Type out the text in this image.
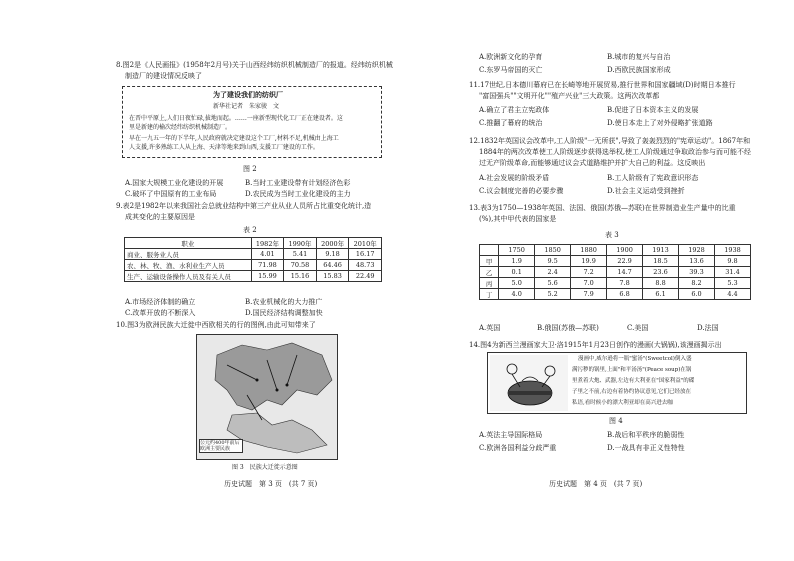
8.图2是《人民画报》(1958年2月号)关于山西经纬纺织机械制造厂的报道。经纬纺织机械
制造厂的建设情况反映了
为了建设我们的纺织厂
新华社记者　朱家骏　文
在晋中平原上,人们日夜忙碌,拔地而起。……一座新型现代化工厂正在建设者。这
里是新建的榆次经纬纺织机械制造厂。
早在一九五一年的下半年,人民政府就决定建设这个工厂,材料不足,机械由上海工
人支援,许多熟练工人从上海、天津等地来到山西,支援工厂建设的工作。
图 2
A.国家大规模工业化建设的开展	B.当时工业建设带有计划经济色彩
C.破坏了中国原有的工业布局	D.农民成为当时工业化建设的主力
9.表2是1982年以来我国社会总就业结构中第三产业从业人员所占比重变化统计,造
成其变化的主要原因是
表 2
职业	1982年	1990年	2000年	2010年
商业、服务业人员	4.01	5.41	9.18	16.17
农、林、牧、渔、水利业生产人员	71.98	70.58	64.46	48.73
生产、运输设备操作人员及有关人员	15.99	15.16	15.83	22.49
A.市场经济体制的确立	B.农业机械化的大力推广
C.改革开放的不断深入	D.国民经济结构调整加快
10.图3为欧洲民族大迁徙中西欧相关的行的图例,由此可知带来了
公元约400年前后 欧洲主要民族
图 3　民族大迁徙示意图
历史试题　第 3 页　(共 7 页)
A.欧洲新文化的孕育	B.城市的复兴与自治
C.东罗马帝国的灭亡	D.西欧民族国家形成
11.17世纪,日本德川幕府已在长崎等地开展贸易,推行世界和国家疆域(D)时期日本推行
"富国强兵""文明开化""殖产兴业"三大政策。这两次改革都
A.确立了君主立宪政体	B.促进了日本资本主义的发展
C.推翻了幕府的统治	D.使日本走上了对外侵略扩张道路
12.1832年英国议会改革中,工人阶级"一无所获",导致了轰轰烈烈的"宪章运动"。1867年和
1884年的两次改革使工人阶级逐步获得选举权,使工人阶级通过争取政治参与而可能不经
过无产阶级革命,而能够通过议会式道路维护并扩大自己的利益。这反映出
A.社会发展的阶级矛盾	B.工人阶级有了宪政意识形态
C.议会制度完善的必要步骤	D.社会主义运动受到挫折
13.表3为1750—1938年英国、法国、俄国(苏俄—苏联)在世界制造业生产量中的比重
(%),其中甲代表的国家是
表 3
	1750	1850	1880	1900	1913	1928	1938
甲	1.9	9.5	19.9	22.9	18.5	13.6	9.8
乙	0.1	2.4	7.2	14.7	23.6	39.3	31.4
丙	5.0	5.6	7.0	7.8	8.8	8.2	5.3
丁	4.0	5.2	7.9	6.8	6.1	6.0	4.4
A.英国	B.俄国(苏俄—苏联)	C.美国	D.法国
14.图4为新西兰漫画家大卫·洛1915年1月23日创作的漫画(大锅锅),该漫画揭示出
漫画中,威尔逊将一瓶"蜜汤"(Sweetcol)倒入盛
满污秽的锅里,上面"和平汤汤"(Peace soup)在锅
里煮着大炮、武器,左边有大利亚在"国家利益"的碟
子里之不前,右边有着协约协议意见,它们已经放在
私语,看时候小的漂大利亚却在高兴进去咖
图 4
A.英法主导国际格局	B.战后和平秩序的脆弱性
C.欧洲各国利益分歧严重	D.一战具有非正义性特性
历史试题　第 4 页　(共 7 页)
